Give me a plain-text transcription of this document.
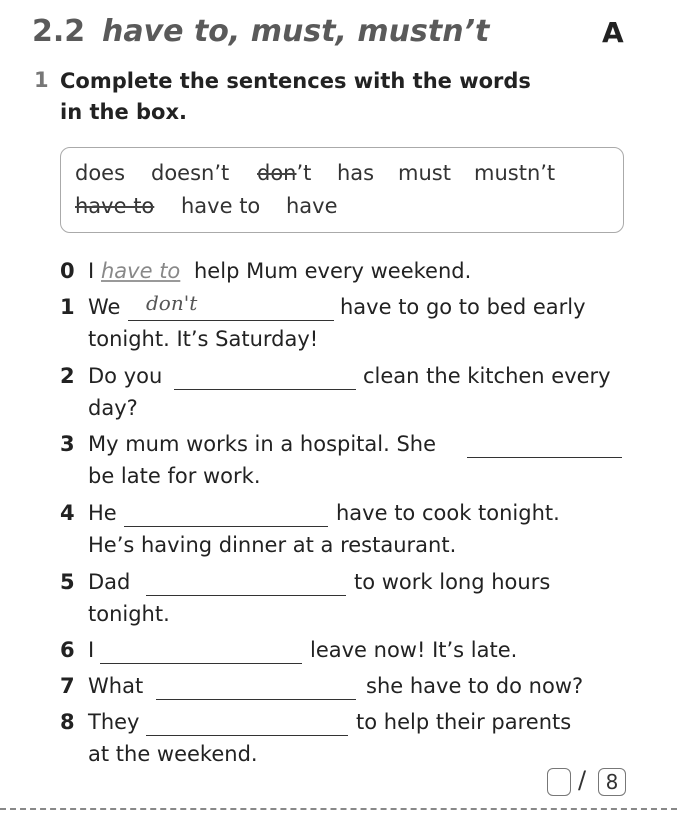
2.2 have to, must, mustn’t	A
1 Complete the sentences with the words
in the box.
does doesn’t don’t has must mustn’t
have to have to have
0 I have to help Mum every weekend.
1 We don't	have to go to bed early
tonight. It’s Saturday!
2 Do you	clean the kitchen every
day?
3 My mum works in a hospital. She
be late for work.
4 He	have to cook tonight.
He’s having dinner at a restaurant.
5 Dad	to work long hours
tonight.
6 I	leave now! It’s late.
7 What	she have to do now?
8 They	to help their parents
at the weekend.
/ 8
